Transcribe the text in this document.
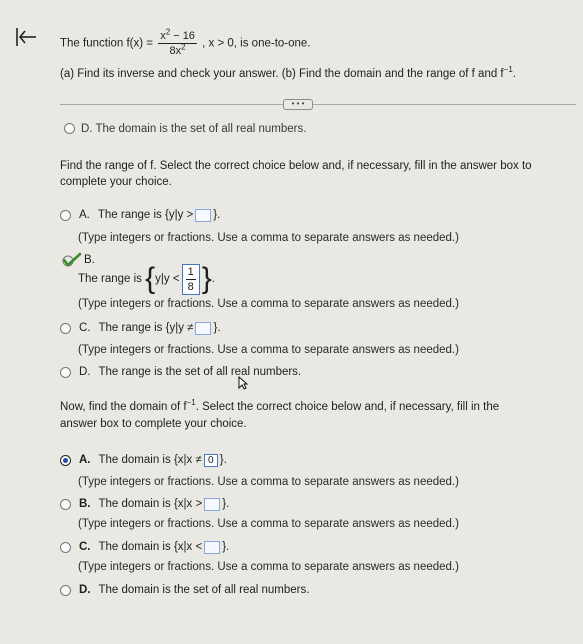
The function $f(x) = \frac{x^2 - 16}{8x^2}$ , x > 0, is one-to-one.
(a) Find its inverse and check your answer. (b) Find the domain and the range of f and $f^{-1}$.
• • •
D. The domain is the set of all real numbers.
Find the range of f. Select the correct choice below and, if necessary, fill in the answer box to
complete your choice.
A. The range is
{y|y > }.
(Type integers or fractions. Use a comma to separate answers as needed.)
B.
The range is
{ $y|y < \frac{1}{8}$ } .
(Type integers or fractions. Use a comma to separate answers as needed.)
C. The range is
{y|y ≠ }.
(Type integers or fractions. Use a comma to separate answers as needed.)
D. The range is the set of all real numbers.
Now, find the domain of $f^{-1}$. Select the correct choice below and, if necessary, fill in the
answer box to complete your choice.
A. The domain is
{x|x ≠ 0 }.
(Type integers or fractions. Use a comma to separate answers as needed.)
B. The domain is
{x|x > }.
(Type integers or fractions. Use a comma to separate answers as needed.)
C. The domain is
{x|x < }.
(Type integers or fractions. Use a comma to separate answers as needed.)
D. The domain is the set of all real numbers.
